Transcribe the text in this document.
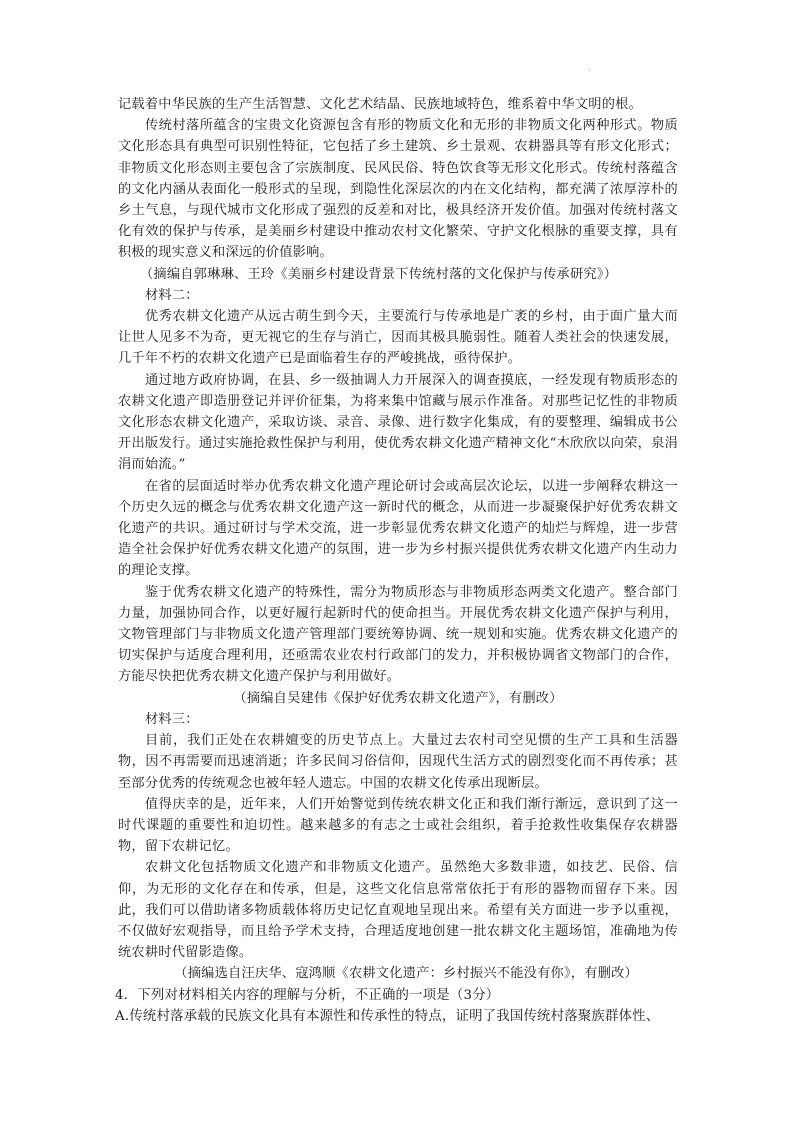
·

记载着中华民族的生产生活智慧、文化艺术结晶、民族地域特色，维系着中华文明的根。

传统村落所蕴含的宝贵文化资源包含有形的物质文化和无形的非物质文化两种形式。物质文化形态具有典型可识别性特征，它包括了乡土建筑、乡土景观、农耕器具等有形文化形式；非物质文化形态则主要包含了宗族制度、民风民俗、特色饮食等无形文化形式。传统村落蕴含的文化内涵从表面化一般形式的呈现，到隐性化深层次的内在文化结构，都充满了浓厚淳朴的乡土气息，与现代城市文化形成了强烈的反差和对比，极具经济开发价值。加强对传统村落文化有效的保护与传承，是美丽乡村建设中推动农村文化繁荣、守护文化根脉的重要支撑，具有积极的现实意义和深远的价值影响。

（摘编自郭琳琳、王玲《美丽乡村建设背景下传统村落的文化保护与传承研究》）

材料二：

优秀农耕文化遗产从远古萌生到今天，主要流行与传承地是广袤的乡村，由于面广量大而让世人见多不为奇，更无视它的生存与消亡，因而其极具脆弱性。随着人类社会的快速发展，几千年不朽的农耕文化遗产已是面临着生存的严峻挑战，亟待保护。

通过地方政府协调，在县、乡一级抽调人力开展深入的调查摸底，一经发现有物质形态的农耕文化遗产即造册登记并评价征集，为将来集中馆藏与展示作准备。对那些记忆性的非物质文化形态农耕文化遗产，采取访谈、录音、录像、进行数字化集成，有的要整理、编辑成书公开出版发行。通过实施抢救性保护与利用，使优秀农耕文化遗产精神文化“木欣欣以向荣，泉涓涓而始流。”

在省的层面适时举办优秀农耕文化遗产理论研讨会或高层次论坛，以进一步阐释农耕这一个历史久远的概念与优秀农耕文化遗产这一新时代的概念，从而进一步凝聚保护好优秀农耕文化遗产的共识。通过研讨与学术交流，进一步彰显优秀农耕文化遗产的灿烂与辉煌，进一步营造全社会保护好优秀农耕文化遗产的氛围，进一步为乡村振兴提供优秀农耕文化遗产内生动力的理论支撑。

鉴于优秀农耕文化遗产的特殊性，需分为物质形态与非物质形态两类文化遗产。整合部门力量，加强协同合作，以更好履行起新时代的使命担当。开展优秀农耕文化遗产保护与利用，文物管理部门与非物质文化遗产管理部门要统筹协调、统一规划和实施。优秀农耕文化遗产的切实保护与适度合理利用，还亟需农业农村行政部门的发力，并积极协调省文物部门的合作，方能尽快把优秀农耕文化遗产保护与利用做好。

（摘编自吴建伟《保护好优秀农耕文化遗产》，有删改）

材料三：

目前，我们正处在农耕嬗变的历史节点上。大量过去农村司空见惯的生产工具和生活器物，因不再需要而迅速消逝；许多民间习俗信仰，因现代生活方式的剧烈变化而不再传承；甚至部分优秀的传统观念也被年轻人遗忘。中国的农耕文化传承出现断层。

值得庆幸的是，近年来，人们开始警觉到传统农耕文化正和我们渐行渐远，意识到了这一时代课题的重要性和迫切性。越来越多的有志之士或社会组织，着手抢救性收集保存农耕器物，留下农耕记忆。

农耕文化包括物质文化遗产和非物质文化遗产。虽然绝大多数非遗，如技艺、民俗、信仰，为无形的文化存在和传承，但是，这些文化信息常常依托于有形的器物而留存下来。因此，我们可以借助诸多物质载体将历史记忆直观地呈现出来。希望有关方面进一步予以重视，不仅做好宏观指导，而且给予学术支持，合理适度地创建一批农耕文化主题场馆，准确地为传统农耕时代留影造像。

（摘编选自汪庆华、寇鸿顺《农耕文化遗产：乡村振兴不能没有你》，有删改）

4．下列对材料相关内容的理解与分析，不正确的一项是（3分）

A.传统村落承载的民族文化具有本源性和传承性的特点，证明了我国传统村落聚族群体性、
